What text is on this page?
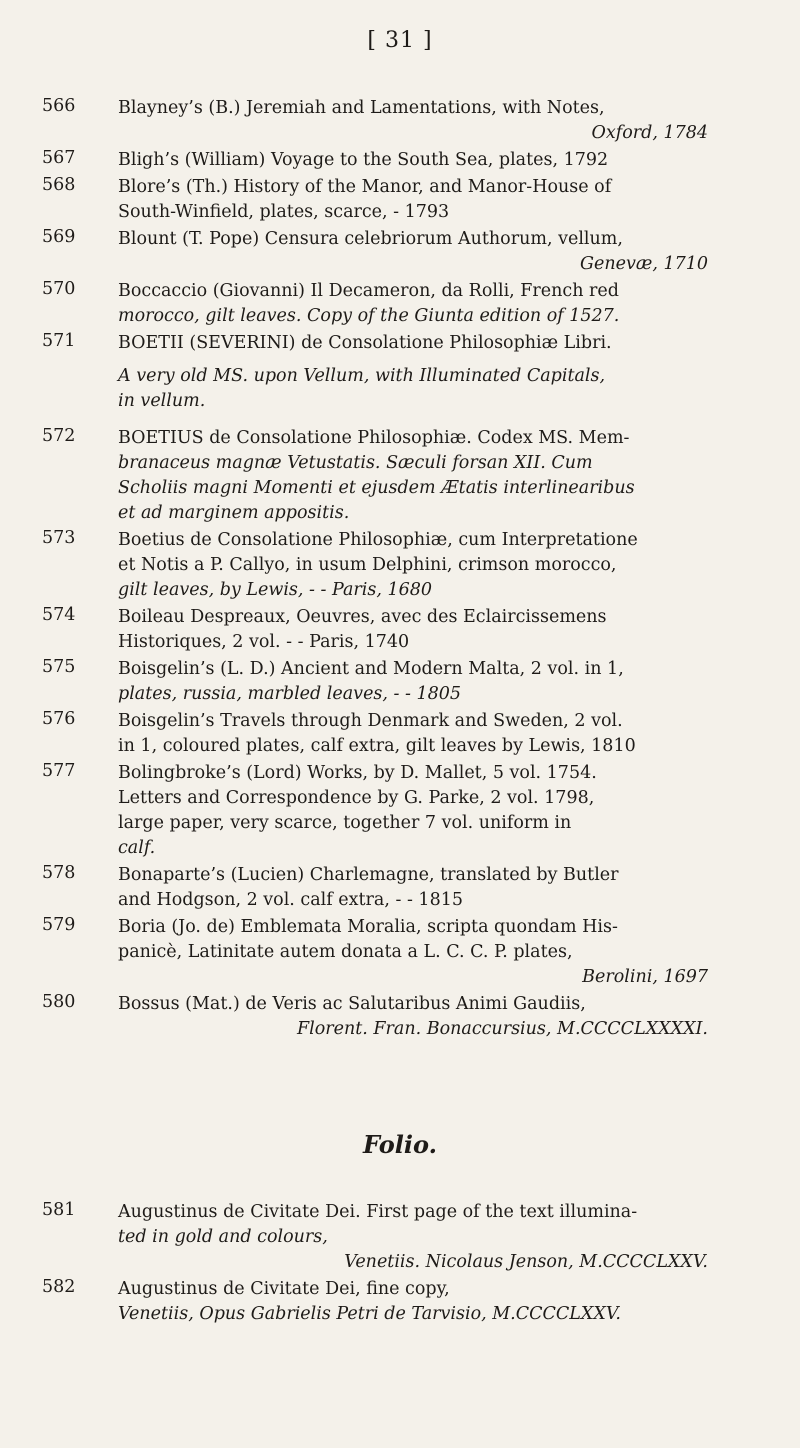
[ 31 ]
566	Blayney’s (B.) Jeremiah and Lamentations, with Notes,
Oxford, 1784
567	Bligh’s (William) Voyage to the South Sea, plates, 1792
568	Blore’s (Th.) History of the Manor, and Manor-House of
South-Winfield, plates, scarce, - 1793
569	Blount (T. Pope) Censura celebriorum Authorum, vellum,
Genevæ, 1710
570	Boccaccio (Giovanni) Il Decameron, da Rolli, French red
morocco, gilt leaves. Copy of the Giunta edition of 1527.
571	BOETII (SEVERINI) de Consolatione Philosophiæ Libri.
A very old MS. upon Vellum, with Illuminated Capitals,
in vellum.
572	BOETIUS de Consolatione Philosophiæ. Codex MS. Mem-
branaceus magnæ Vetustatis. Sæculi forsan XII. Cum
Scholiis magni Momenti et ejusdem Ætatis interlinearibus
et ad marginem appositis.
573	Boetius de Consolatione Philosophiæ, cum Interpretatione
et Notis a P. Callyo, in usum Delphini, crimson morocco,
gilt leaves, by Lewis, - - Paris, 1680
574	Boileau Despreaux, Oeuvres, avec des Eclaircissemens
Historiques, 2 vol. - - Paris, 1740
575	Boisgelin’s (L. D.) Ancient and Modern Malta, 2 vol. in 1,
plates, russia, marbled leaves, - - 1805
576	Boisgelin’s Travels through Denmark and Sweden, 2 vol.
in 1, coloured plates, calf extra, gilt leaves by Lewis, 1810
577	Bolingbroke’s (Lord) Works, by D. Mallet, 5 vol. 1754.
Letters and Correspondence by G. Parke, 2 vol. 1798,
large paper, very scarce, together 7 vol. uniform in
calf.
578	Bonaparte’s (Lucien) Charlemagne, translated by Butler
and Hodgson, 2 vol. calf extra, - - 1815
579	Boria (Jo. de) Emblemata Moralia, scripta quondam His-
panicè, Latinitate autem donata a L. C. C. P. plates,
Berolini, 1697
580	Bossus (Mat.) de Veris ac Salutaribus Animi Gaudiis,
Florent. Fran. Bonaccursius, M.CCCCLXXXXI.
Folio.
581	Augustinus de Civitate Dei. First page of the text illumina-
ted in gold and colours,
Venetiis. Nicolaus Jenson, M.CCCCLXXV.
582	Augustinus de Civitate Dei, fine copy,
Venetiis, Opus Gabrielis Petri de Tarvisio, M.CCCCLXXV.
